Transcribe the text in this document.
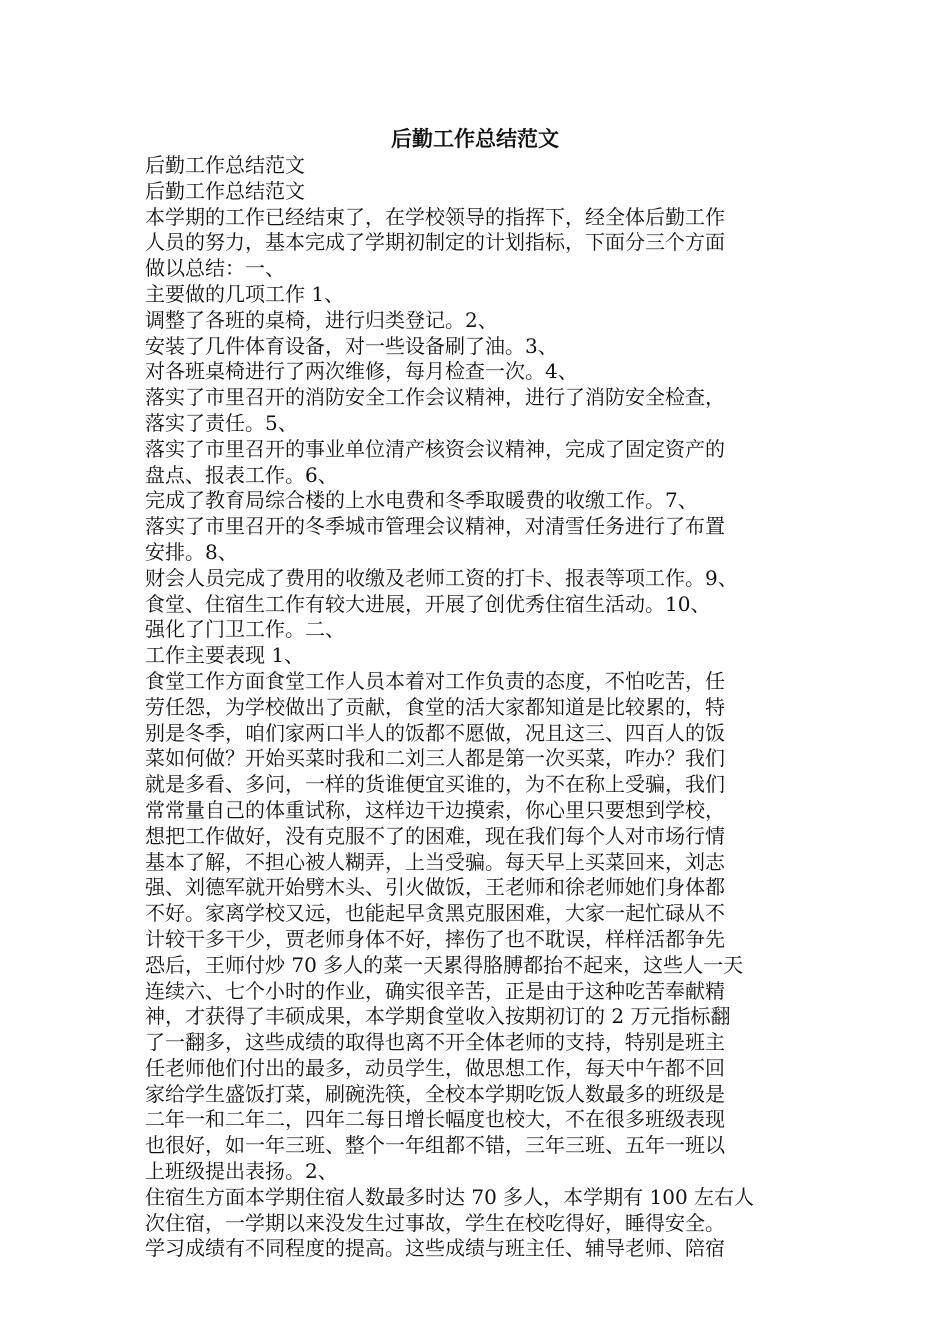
后勤工作总结范文
后勤工作总结范文
后勤工作总结范文
本学期的工作已经结束了，在学校领导的指挥下，经全体后勤工作
人员的努力，基本完成了学期初制定的计划指标，下面分三个方面
做以总结：一、
主要做的几项工作 1、
调整了各班的桌椅，进行归类登记。2、
安装了几件体育设备，对一些设备刷了油。3、
对各班桌椅进行了两次维修，每月检查一次。4、
落实了市里召开的消防安全工作会议精神，进行了消防安全检查，
落实了责任。5、
落实了市里召开的事业单位清产核资会议精神，完成了固定资产的
盘点、报表工作。6、
完成了教育局综合楼的上水电费和冬季取暖费的收缴工作。7、
落实了市里召开的冬季城市管理会议精神，对清雪任务进行了布置
安排。8、
财会人员完成了费用的收缴及老师工资的打卡、报表等项工作。9、
食堂、住宿生工作有较大进展，开展了创优秀住宿生活动。10、
强化了门卫工作。二、
工作主要表现 1、
食堂工作方面食堂工作人员本着对工作负责的态度，不怕吃苦，任
劳任怨，为学校做出了贡献，食堂的活大家都知道是比较累的，特
别是冬季，咱们家两口半人的饭都不愿做，况且这三、四百人的饭
菜如何做？开始买菜时我和二刘三人都是第一次买菜，咋办？我们
就是多看、多问，一样的货谁便宜买谁的，为不在称上受骗，我们
常常量自己的体重试称，这样边干边摸索，你心里只要想到学校，
想把工作做好，没有克服不了的困难，现在我们每个人对市场行情
基本了解，不担心被人糊弄，上当受骗。每天早上买菜回来，刘志
强、刘德军就开始劈木头、引火做饭，王老师和徐老师她们身体都
不好。家离学校又远，也能起早贪黑克服困难，大家一起忙碌从不
计较干多干少，贾老师身体不好，摔伤了也不耽误，样样活都争先
恐后，王师付炒 70 多人的菜一天累得胳膊都抬不起来，这些人一天
连续六、七个小时的作业，确实很辛苦，正是由于这种吃苦奉献精
神，才获得了丰硕成果，本学期食堂收入按期初订的 2 万元指标翻
了一翻多，这些成绩的取得也离不开全体老师的支持，特别是班主
任老师他们付出的最多，动员学生，做思想工作，每天中午都不回
家给学生盛饭打菜，刷碗洗筷，全校本学期吃饭人数最多的班级是
二年一和二年二，四年二每日增长幅度也校大，不在很多班级表现
也很好，如一年三班、整个一年组都不错，三年三班、五年一班以
上班级提出表扬。2、
住宿生方面本学期住宿人数最多时达 70 多人，本学期有 100 左右人
次住宿，一学期以来没发生过事故，学生在校吃得好，睡得安全。
学习成绩有不同程度的提高。这些成绩与班主任、辅导老师、陪宿
